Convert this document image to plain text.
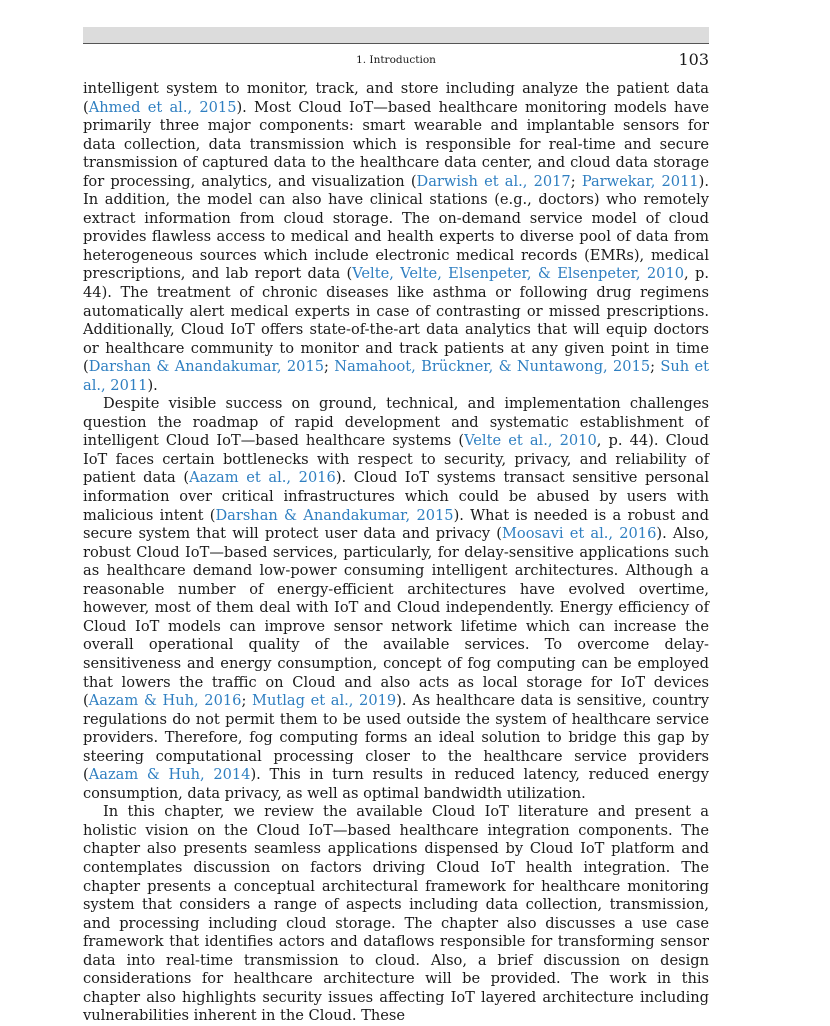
1. Introduction	103

intelligent system to monitor, track, and store including analyze the patient data (Ahmed et al., 2015). Most Cloud IoT—based healthcare monitoring models have primarily three major components: smart wearable and implantable sensors for data collection, data transmission which is responsible for real-time and secure transmission of captured data to the healthcare data center, and cloud data storage for processing, analytics, and visualization (Darwish et al., 2017; Parwekar, 2011). In addition, the model can also have clinical stations (e.g., doctors) who remotely extract information from cloud storage. The on-demand service model of cloud provides flawless access to medical and health experts to diverse pool of data from heterogeneous sources which include electronic medical records (EMRs), medical prescriptions, and lab report data (Velte, Velte, Elsenpeter, & Elsenpeter, 2010, p. 44). The treatment of chronic diseases like asthma or following drug regimens automatically alert medical experts in case of contrasting or missed prescriptions. Additionally, Cloud IoT offers state-of-the-art data analytics that will equip doctors or healthcare community to monitor and track patients at any given point in time (Darshan & Anandakumar, 2015; Namahoot, Brückner, & Nuntawong, 2015; Suh et al., 2011).

Despite visible success on ground, technical, and implementation challenges question the roadmap of rapid development and systematic establishment of intelligent Cloud IoT—based healthcare systems (Velte et al., 2010, p. 44). Cloud IoT faces certain bottlenecks with respect to security, privacy, and reliability of patient data (Aazam et al., 2016). Cloud IoT systems transact sensitive personal information over critical infrastructures which could be abused by users with malicious intent (Darshan & Anandakumar, 2015). What is needed is a robust and secure system that will protect user data and privacy (Moosavi et al., 2016). Also, robust Cloud IoT—based services, particularly, for delay-sensitive applications such as healthcare demand low-power consuming intelligent architectures. Although a reasonable number of energy-efficient architectures have evolved overtime, however, most of them deal with IoT and Cloud independently. Energy efficiency of Cloud IoT models can improve sensor network lifetime which can increase the overall operational quality of the available services. To overcome delay-sensitiveness and energy consumption, concept of fog computing can be employed that lowers the traffic on Cloud and also acts as local storage for IoT devices (Aazam & Huh, 2016; Mutlag et al., 2019). As healthcare data is sensitive, country regulations do not permit them to be used outside the system of healthcare service providers. Therefore, fog computing forms an ideal solution to bridge this gap by steering computational processing closer to the healthcare service providers (Aazam & Huh, 2014). This in turn results in reduced latency, reduced energy consumption, data privacy, as well as optimal bandwidth utilization.

In this chapter, we review the available Cloud IoT literature and present a holistic vision on the Cloud IoT—based healthcare integration components. The chapter also presents seamless applications dispensed by Cloud IoT platform and contemplates discussion on factors driving Cloud IoT health integration. The chapter presents a conceptual architectural framework for healthcare monitoring system that considers a range of aspects including data collection, transmission, and processing including cloud storage. The chapter also discusses a use case framework that identifies actors and dataflows responsible for transforming sensor data into real-time transmission to cloud. Also, a brief discussion on design considerations for healthcare architecture will be provided. The work in this chapter also highlights security issues affecting IoT layered architecture including vulnerabilities inherent in the Cloud. These
